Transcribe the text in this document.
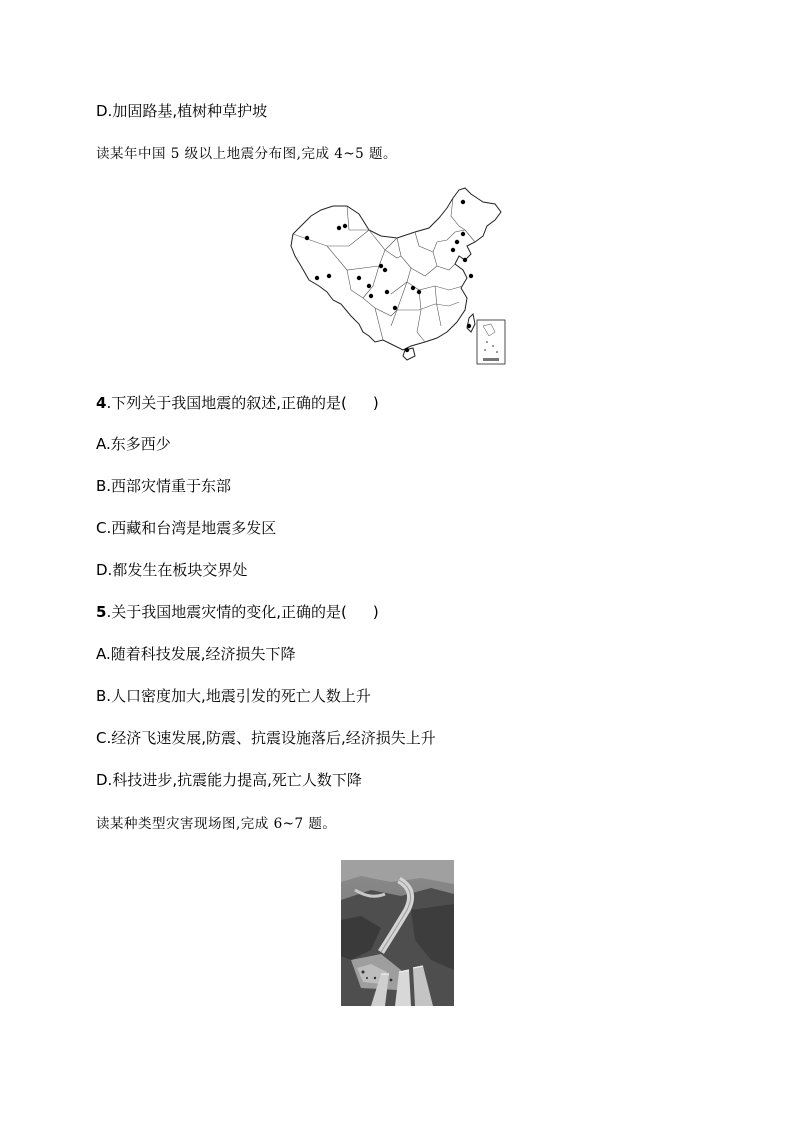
D.加固路基,植树种草护坡
读某年中国 5 级以上地震分布图,完成 4~5 题。
4.下列关于我国地震的叙述,正确的是( )
A.东多西少
B.西部灾情重于东部
C.西藏和台湾是地震多发区
D.都发生在板块交界处
5.关于我国地震灾情的变化,正确的是( )
A.随着科技发展,经济损失下降
B.人口密度加大,地震引发的死亡人数上升
C.经济飞速发展,防震、抗震设施落后,经济损失上升
D.科技进步,抗震能力提高,死亡人数下降
读某种类型灾害现场图,完成 6~7 题。
